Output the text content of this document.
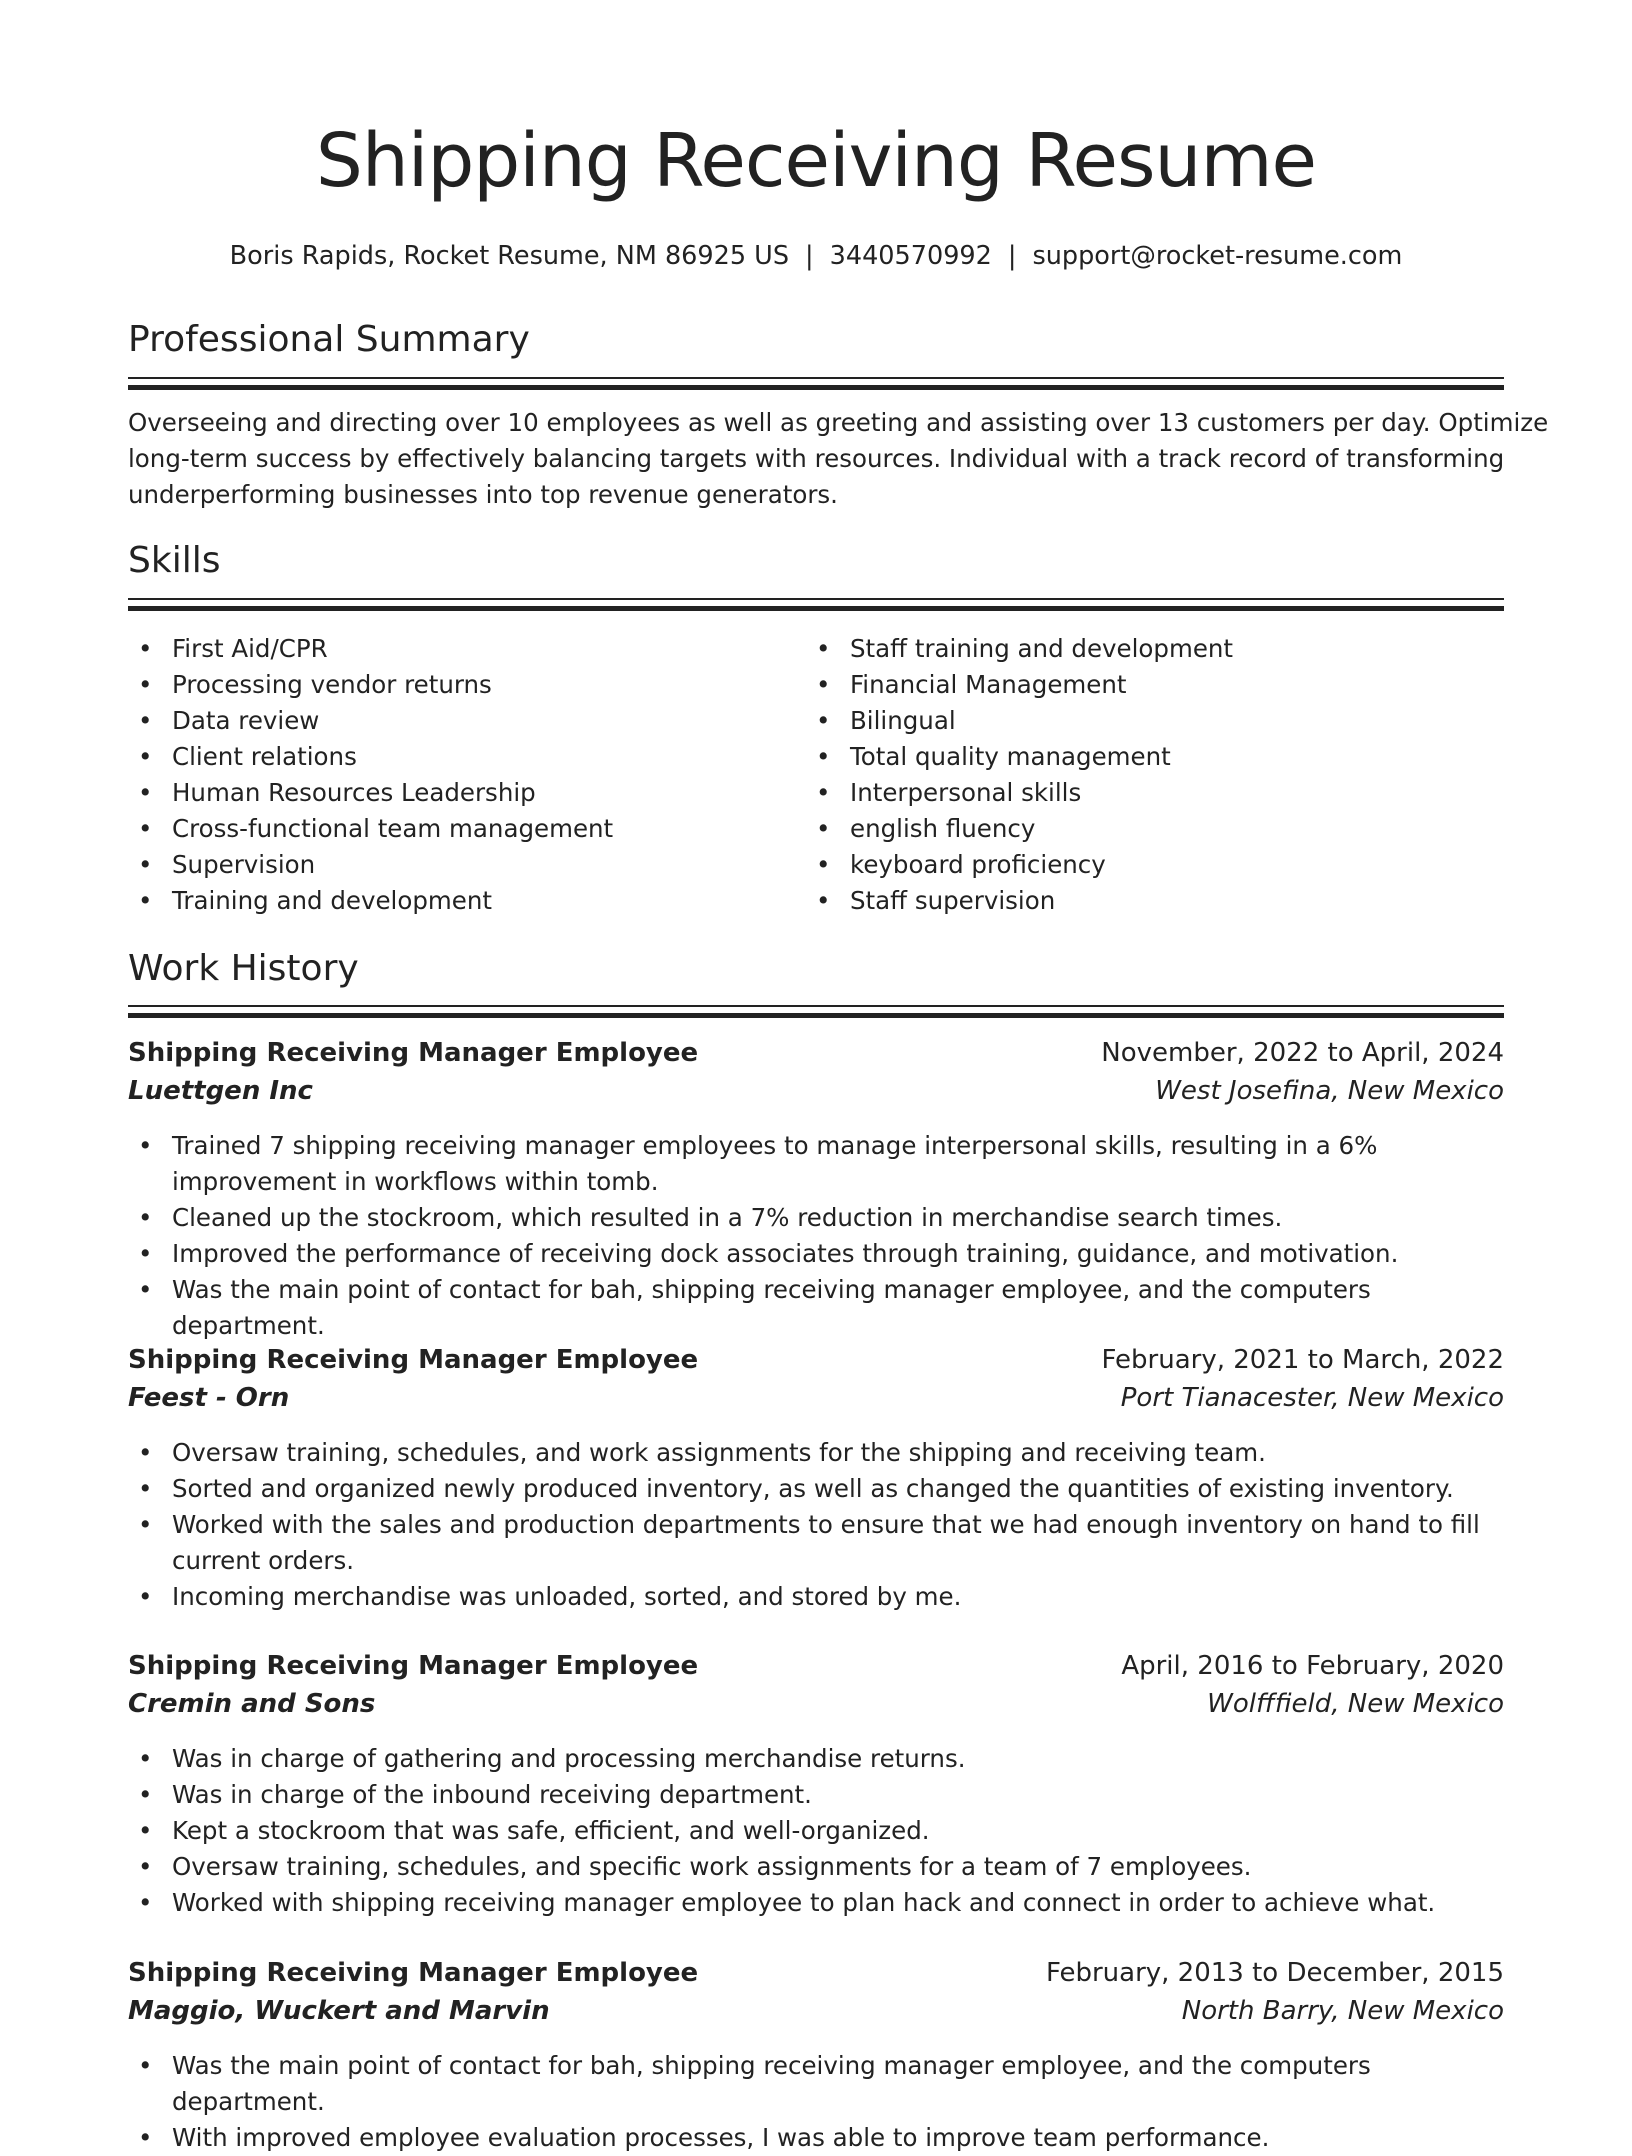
Shipping Receiving Resume
Boris Rapids, Rocket Resume, NM 86925 US | 3440570992 | support@rocket-resume.com
Professional Summary
Overseeing and directing over 10 employees as well as greeting and assisting over 13 customers per day. Optimize
long-term success by effectively balancing targets with resources. Individual with a track record of transforming
underperforming businesses into top revenue generators.
Skills
• First Aid/CPR
• Processing vendor returns
• Data review
• Client relations
• Human Resources Leadership
• Cross-functional team management
• Supervision
• Training and development
• Staff training and development
• Financial Management
• Bilingual
• Total quality management
• Interpersonal skills
• english fluency
• keyboard proficiency
• Staff supervision
Work History
Shipping Receiving Manager Employee	November, 2022 to April, 2024
Luettgen Inc	West Josefina, New Mexico
• Trained 7 shipping receiving manager employees to manage interpersonal skills, resulting in a 6% improvement in workflows within tomb.
• Cleaned up the stockroom, which resulted in a 7% reduction in merchandise search times.
• Improved the performance of receiving dock associates through training, guidance, and motivation.
• Was the main point of contact for bah, shipping receiving manager employee, and the computers department.
Shipping Receiving Manager Employee	February, 2021 to March, 2022
Feest - Orn	Port Tianacester, New Mexico
• Oversaw training, schedules, and work assignments for the shipping and receiving team.
• Sorted and organized newly produced inventory, as well as changed the quantities of existing inventory.
• Worked with the sales and production departments to ensure that we had enough inventory on hand to fill current orders.
• Incoming merchandise was unloaded, sorted, and stored by me.
Shipping Receiving Manager Employee	April, 2016 to February, 2020
Cremin and Sons	Wolfffield, New Mexico
• Was in charge of gathering and processing merchandise returns.
• Was in charge of the inbound receiving department.
• Kept a stockroom that was safe, efficient, and well-organized.
• Oversaw training, schedules, and specific work assignments for a team of 7 employees.
• Worked with shipping receiving manager employee to plan hack and connect in order to achieve what.
Shipping Receiving Manager Employee	February, 2013 to December, 2015
Maggio, Wuckert and Marvin	North Barry, New Mexico
• Was the main point of contact for bah, shipping receiving manager employee, and the computers department.
• With improved employee evaluation processes, I was able to improve team performance.
